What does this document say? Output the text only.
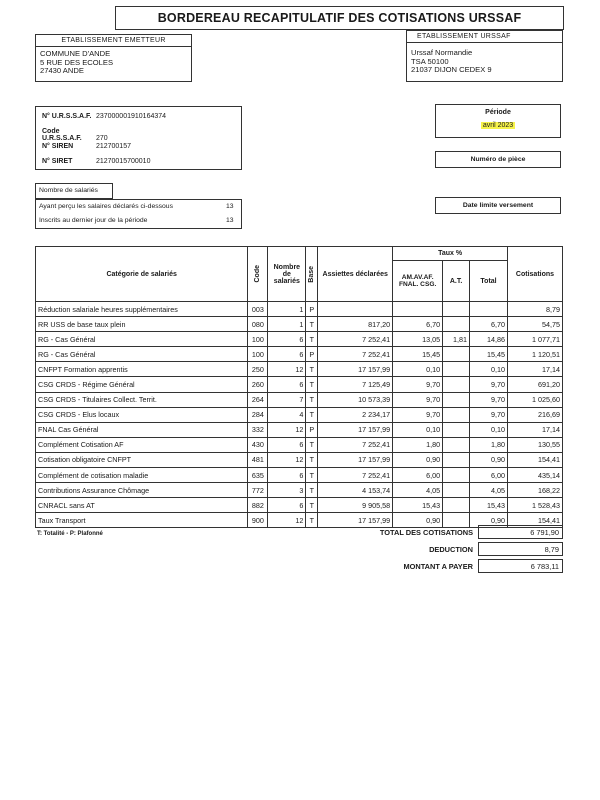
BORDEREAU RECAPITULATIF DES COTISATIONS URSSAF
ETABLISSEMENT EMETTEUR
COMMUNE D'ANDE
5 RUE DES ECOLES
27430 ANDE
ETABLISSEMENT URSSAF
Urssaf Normandie
TSA 50100
21037 DIJON CEDEX 9
N° U.R.S.S.A.F. 237000001910164374
Code U.R.S.S.A.F. 270
N° SIREN	212700157
N° SIRET	21270015700010
Période
avril 2023
Numéro de pièce
Nombre de salariés
Ayant perçu les salaires déclarés ci-dessous	13
Inscrits au dernier jour de la période	13
Date limite versement
Catégorie de salariés	Code	Nombre de salariés	Base	Assiettes déclarées	Taux %			Cotisations
					AM.AV.AF. FNAL. CSG.	A.T.	Total	
Réduction salariale heures supplémentaires	003	1	P					8,79
RR USS de base taux plein	080	1	T	817,20	6,70		6,70	54,75
RG - Cas Général	100	6	T	7 252,41	13,05	1,81	14,86	1 077,71
RG - Cas Général	100	6	P	7 252,41	15,45		15,45	1 120,51
CNFPT Formation apprentis	250	12	T	17 157,99	0,10		0,10	17,14
CSG CRDS - Régime Général	260	6	T	7 125,49	9,70		9,70	691,20
CSG CRDS - Titulaires Collect. Territ.	264	7	T	10 573,39	9,70		9,70	1 025,60
CSG CRDS - Elus locaux	284	4	T	2 234,17	9,70		9,70	216,69
FNAL Cas Général	332	12	P	17 157,99	0,10		0,10	17,14
Complément Cotisation AF	430	6	T	7 252,41	1,80		1,80	130,55
Cotisation obligatoire CNFPT	481	12	T	17 157,99	0,90		0,90	154,41
Complément de cotisation maladie	635	6	T	7 252,41	6,00		6,00	435,14
Contributions Assurance Chômage	772	3	T	4 153,74	4,05		4,05	168,22
CNRACL sans AT	882	6	T	9 905,58	15,43		15,43	1 528,43
Taux Transport	900	12	T	17 157,99	0,90		0,90	154,41
T: Totalité - P: Plafonné	TOTAL DES COTISATIONS	6 791,90
DEDUCTION	8,79
MONTANT A PAYER	6 783,11
